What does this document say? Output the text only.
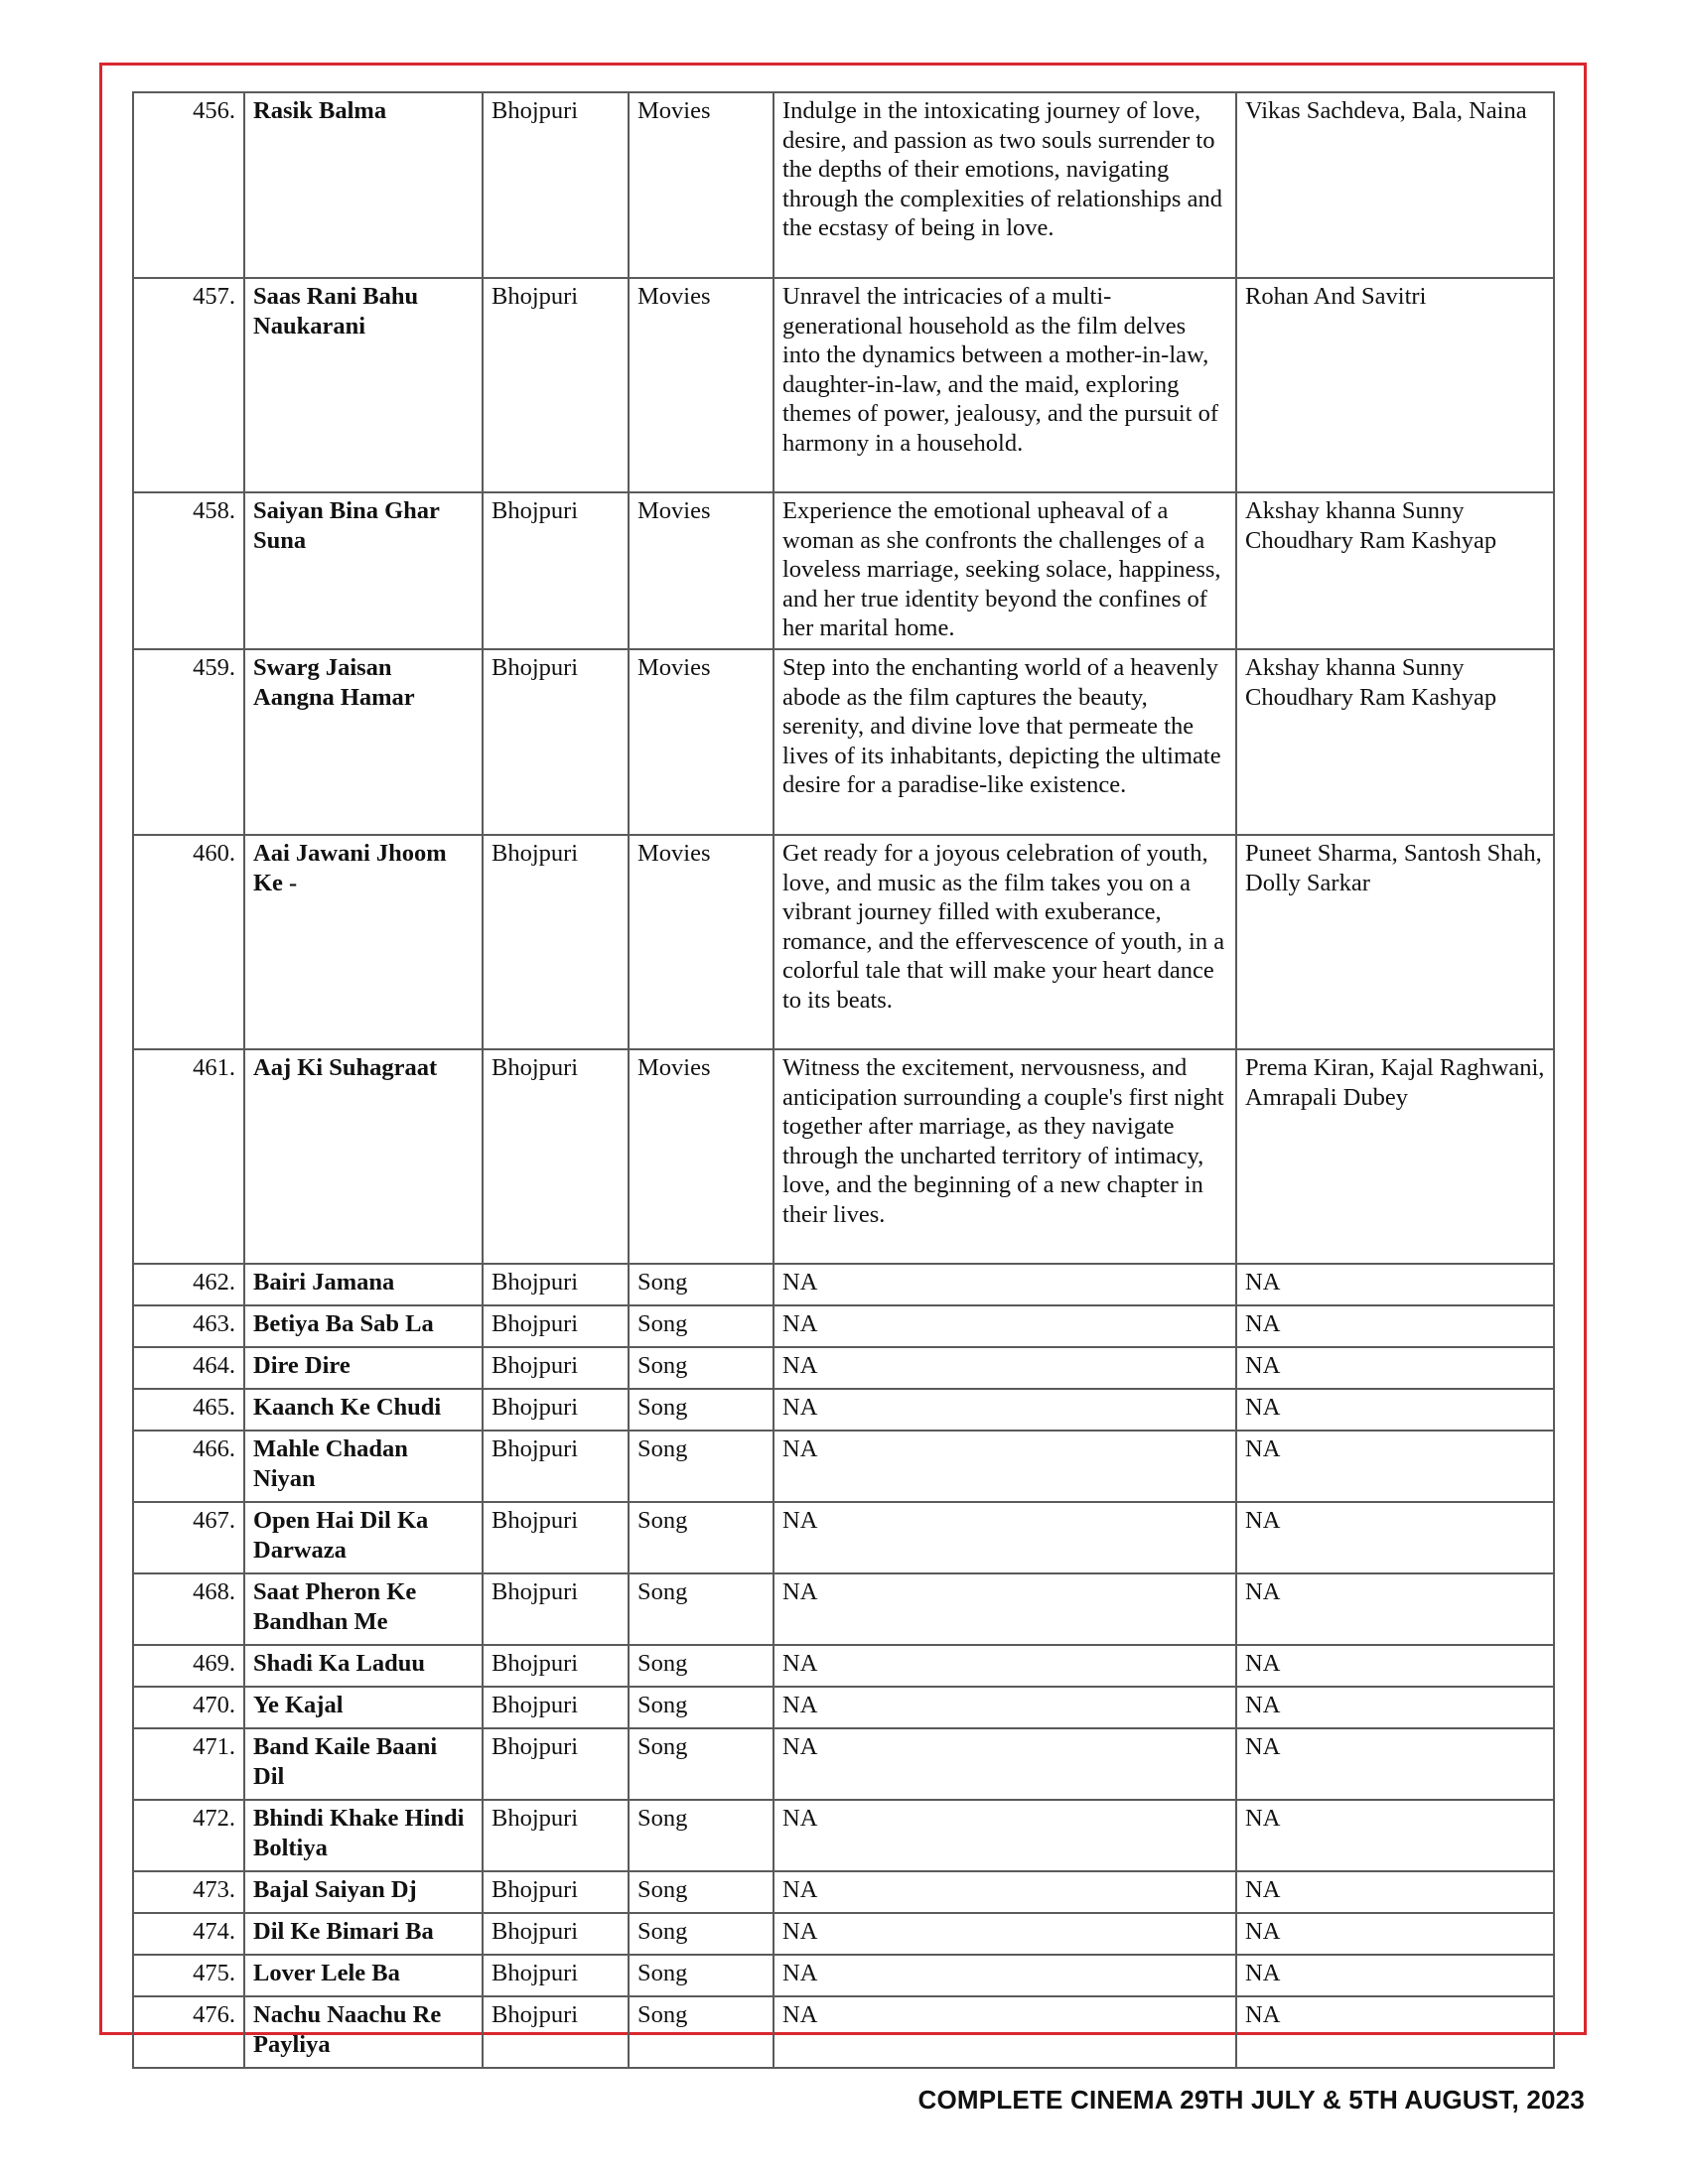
456.	Rasik Balma	Bhojpuri	Movies	Indulge in the intoxicating journey of love, desire, and passion as two souls surrender to the depths of their emotions, navigating through the complexities of relationships and the ecstasy of being in love.	Vikas Sachdeva, Bala, Naina
457.	Saas Rani Bahu Naukarani	Bhojpuri	Movies	Unravel the intricacies of a multi-generational household as the film delves into the dynamics between a mother-in-law, daughter-in-law, and the maid, exploring themes of power, jealousy, and the pursuit of harmony in a household.	Rohan And Savitri
458.	Saiyan Bina Ghar Suna	Bhojpuri	Movies	Experience the emotional upheaval of a woman as she confronts the challenges of a loveless marriage, seeking solace, happiness, and her true identity beyond the confines of her marital home.	Akshay khanna Sunny Choudhary Ram Kashyap
459.	Swarg Jaisan Aangna Hamar	Bhojpuri	Movies	Step into the enchanting world of a heavenly abode as the film captures the beauty, serenity, and divine love that permeate the lives of its inhabitants, depicting the ultimate desire for a paradise-like existence.	Akshay khanna Sunny Choudhary Ram Kashyap
460.	Aai Jawani Jhoom Ke -	Bhojpuri	Movies	Get ready for a joyous celebration of youth, love, and music as the film takes you on a vibrant journey filled with exuberance, romance, and the effervescence of youth, in a colorful tale that will make your heart dance to its beats.	Puneet Sharma, Santosh Shah, Dolly Sarkar
461.	Aaj Ki Suhagraat	Bhojpuri	Movies	Witness the excitement, nervousness, and anticipation surrounding a couple's first night together after marriage, as they navigate through the uncharted territory of intimacy, love, and the beginning of a new chapter in their lives.	Prema Kiran, Kajal Raghwani, Amrapali Dubey
462.	Bairi Jamana	Bhojpuri	Song	NA	NA
463.	Betiya Ba Sab La	Bhojpuri	Song	NA	NA
464.	Dire Dire	Bhojpuri	Song	NA	NA
465.	Kaanch Ke Chudi	Bhojpuri	Song	NA	NA
466.	Mahle Chadan Niyan	Bhojpuri	Song	NA	NA
467.	Open Hai Dil Ka Darwaza	Bhojpuri	Song	NA	NA
468.	Saat Pheron Ke Bandhan Me	Bhojpuri	Song	NA	NA
469.	Shadi Ka Laduu	Bhojpuri	Song	NA	NA
470.	Ye Kajal	Bhojpuri	Song	NA	NA
471.	Band Kaile Baani Dil	Bhojpuri	Song	NA	NA
472.	Bhindi Khake Hindi Boltiya	Bhojpuri	Song	NA	NA
473.	Bajal Saiyan Dj	Bhojpuri	Song	NA	NA
474.	Dil Ke Bimari Ba	Bhojpuri	Song	NA	NA
475.	Lover Lele Ba	Bhojpuri	Song	NA	NA
476.	Nachu Naachu Re Payliya	Bhojpuri	Song	NA	NA
COMPLETE CINEMA 29TH JULY & 5TH AUGUST, 2023
